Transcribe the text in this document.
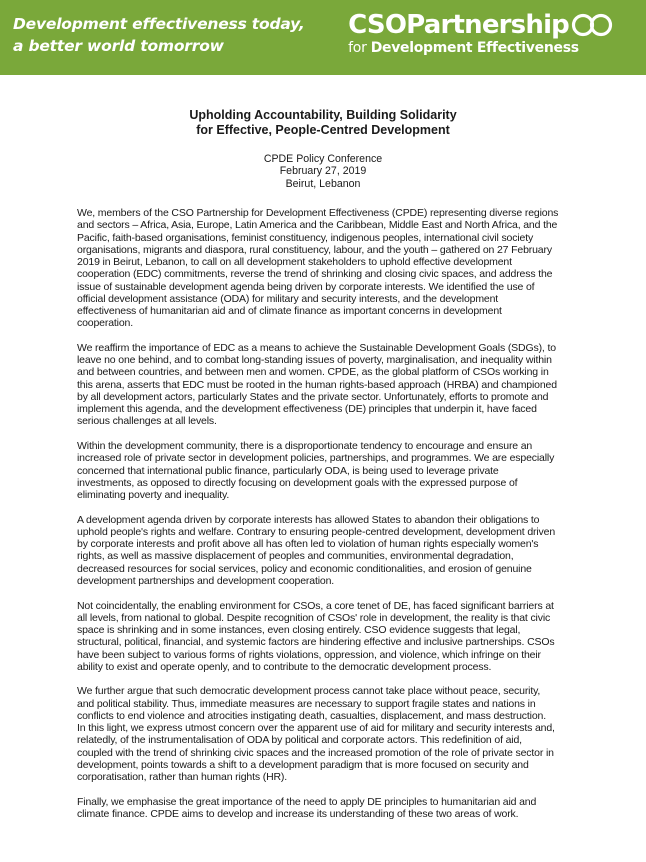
Development effectiveness today,
a better world tomorrow
CSOPartnership
for Development Effectiveness
Upholding Accountability, Building Solidarity
for Effective, People-Centred Development
CPDE Policy Conference
February 27, 2019
Beirut, Lebanon
We, members of the CSO Partnership for Development Effectiveness (CPDE) representing diverse regions
and sectors – Africa, Asia, Europe, Latin America and the Caribbean, Middle East and North Africa, and the
Pacific, faith-based organisations, feminist constituency, indigenous peoples, international civil society
organisations, migrants and diaspora, rural constituency, labour, and the youth – gathered on 27 February
2019 in Beirut, Lebanon, to call on all development stakeholders to uphold effective development
cooperation (EDC) commitments, reverse the trend of shrinking and closing civic spaces, and address the
issue of sustainable development agenda being driven by corporate interests. We identified the use of
official development assistance (ODA) for military and security interests, and the development
effectiveness of humanitarian aid and of climate finance as important concerns in development
cooperation.
We reaffirm the importance of EDC as a means to achieve the Sustainable Development Goals (SDGs), to
leave no one behind, and to combat long-standing issues of poverty, marginalisation, and inequality within
and between countries, and between men and women. CPDE, as the global platform of CSOs working in
this arena, asserts that EDC must be rooted in the human rights-based approach (HRBA) and championed
by all development actors, particularly States and the private sector. Unfortunately, efforts to promote and
implement this agenda, and the development effectiveness (DE) principles that underpin it, have faced
serious challenges at all levels.
Within the development community, there is a disproportionate tendency to encourage and ensure an
increased role of private sector in development policies, partnerships, and programmes. We are especially
concerned that international public finance, particularly ODA, is being used to leverage private
investments, as opposed to directly focusing on development goals with the expressed purpose of
eliminating poverty and inequality.
A development agenda driven by corporate interests has allowed States to abandon their obligations to
uphold people's rights and welfare. Contrary to ensuring people-centred development, development driven
by corporate interests and profit above all has often led to violation of human rights especially women's
rights, as well as massive displacement of peoples and communities, environmental degradation,
decreased resources for social services, policy and economic conditionalities, and erosion of genuine
development partnerships and development cooperation.
Not coincidentally, the enabling environment for CSOs, a core tenet of DE, has faced significant barriers at
all levels, from national to global. Despite recognition of CSOs' role in development, the reality is that civic
space is shrinking and in some instances, even closing entirely. CSO evidence suggests that legal,
structural, political, financial, and systemic factors are hindering effective and inclusive partnerships. CSOs
have been subject to various forms of rights violations, oppression, and violence, which infringe on their
ability to exist and operate openly, and to contribute to the democratic development process.
We further argue that such democratic development process cannot take place without peace, security,
and political stability. Thus, immediate measures are necessary to support fragile states and nations in
conflicts to end violence and atrocities instigating death, casualties, displacement, and mass destruction.
In this light, we express utmost concern over the apparent use of aid for military and security interests and,
relatedly, of the instrumentalisation of ODA by political and corporate actors. This redefinition of aid,
coupled with the trend of shrinking civic spaces and the increased promotion of the role of private sector in
development, points towards a shift to a development paradigm that is more focused on security and
corporatisation, rather than human rights (HR).
Finally, we emphasise the great importance of the need to apply DE principles to humanitarian aid and
climate finance. CPDE aims to develop and increase its understanding of these two areas of work.
